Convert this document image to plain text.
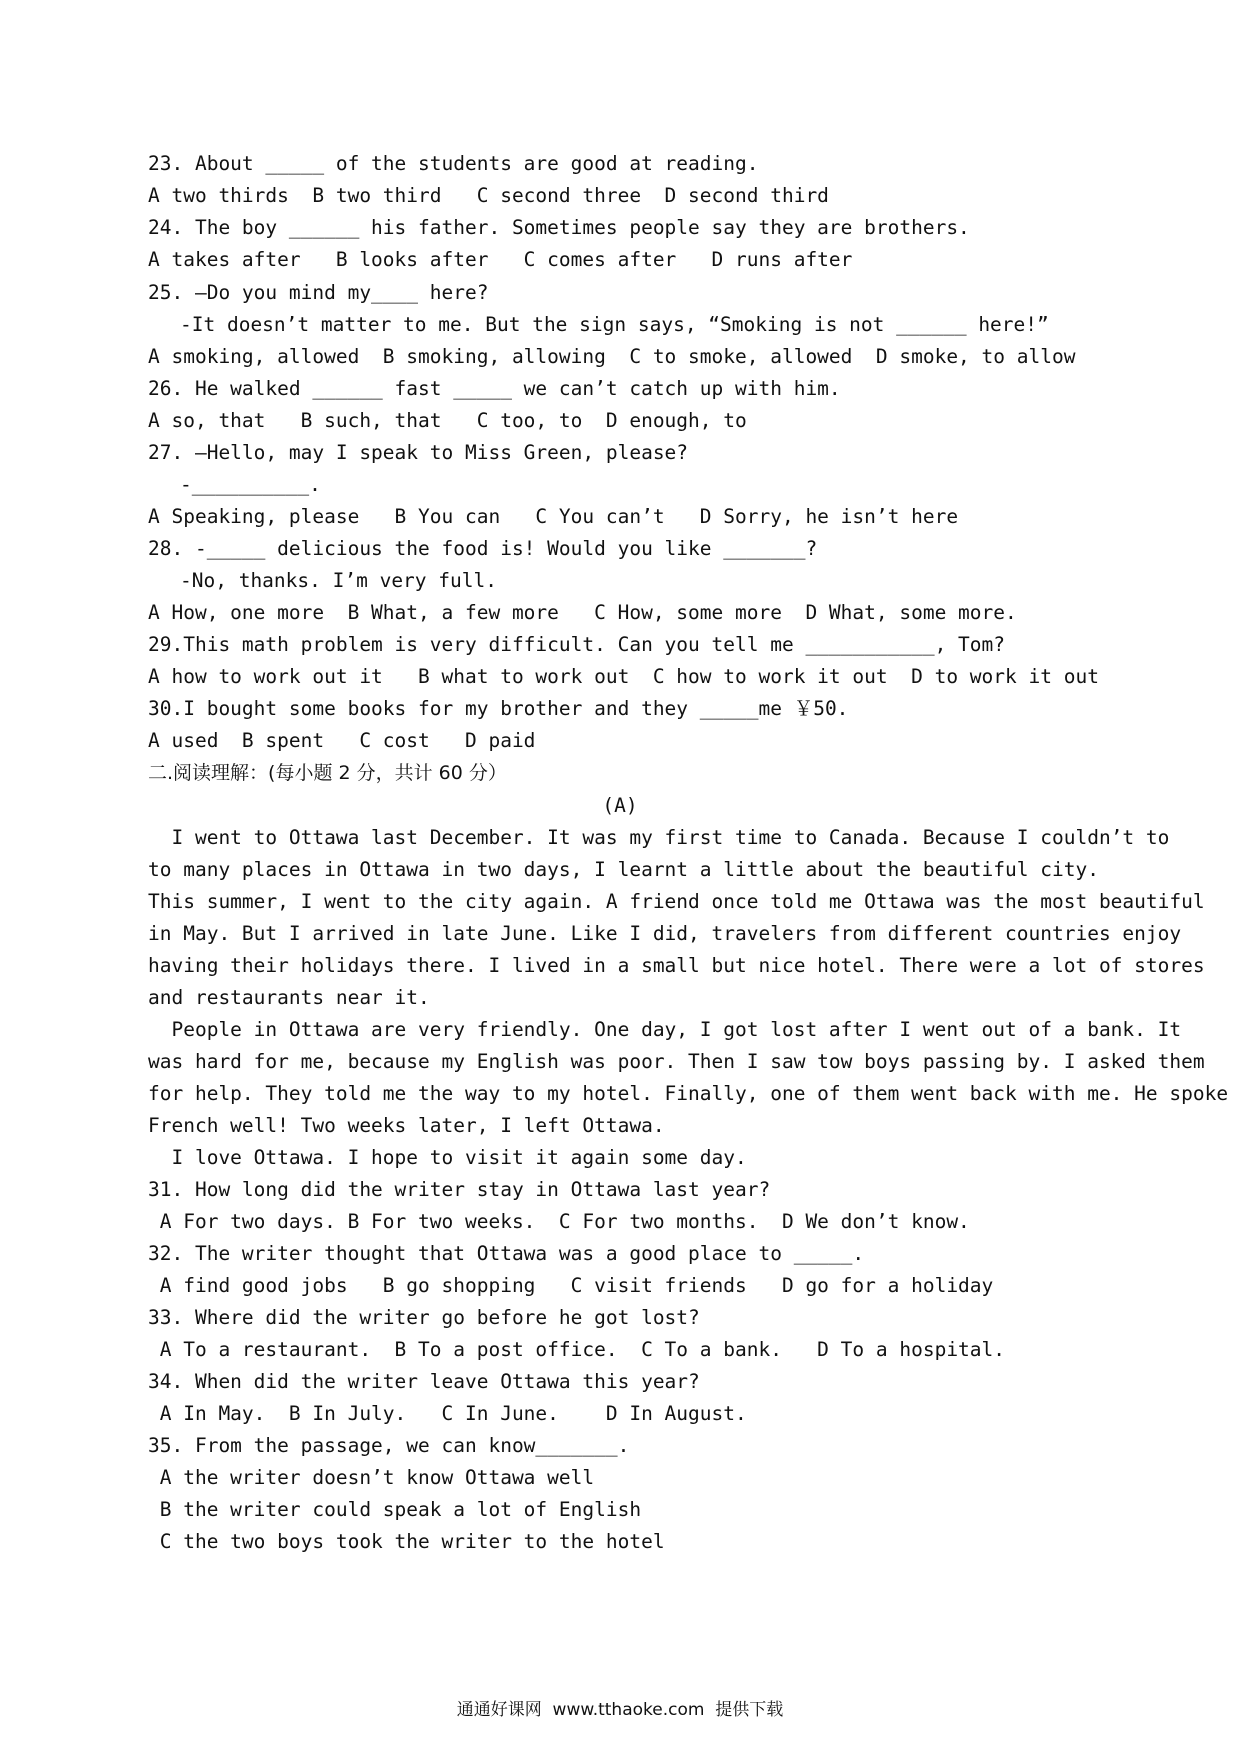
23. About _____ of the students are good at reading.
A two thirds  B two third   C second three  D second third
24. The boy ______ his father. Sometimes people say they are brothers.
A takes after   B looks after   C comes after   D runs after
25. –Do you mind my____ here?
-It doesn’t matter to me. But the sign says, “Smoking is not ______ here!”
A smoking, allowed  B smoking, allowing  C to smoke, allowed  D smoke, to allow
26. He walked ______ fast _____ we can’t catch up with him.
A so, that   B such, that   C too, to  D enough, to
27. –Hello, may I speak to Miss Green, please?
-__________.
A Speaking, please   B You can   C You can’t   D Sorry, he isn’t here
28. -_____ delicious the food is! Would you like _______?
-No, thanks. I’m very full.
A How, one more  B What, a few more   C How, some more  D What, some more.
29.This math problem is very difficult. Can you tell me ___________, Tom?
A how to work out it   B what to work out  C how to work it out  D to work it out
30.I bought some books for my brother and they _____me ￥50.
A used  B spent   C cost   D paid
二.阅读理解：(每小题 2 分，共计 60 分）
(A)
I went to Ottawa last December. It was my first time to Canada. Because I couldn’t to
to many places in Ottawa in two days, I learnt a little about the beautiful city.
This summer, I went to the city again. A friend once told me Ottawa was the most beautiful
in May. But I arrived in late June. Like I did, travelers from different countries enjoy
having their holidays there. I lived in a small but nice hotel. There were a lot of stores
and restaurants near it.
People in Ottawa are very friendly. One day, I got lost after I went out of a bank. It
was hard for me, because my English was poor. Then I saw tow boys passing by. I asked them
for help. They told me the way to my hotel. Finally, one of them went back with me. He spoke
French well! Two weeks later, I left Ottawa.
I love Ottawa. I hope to visit it again some day.
31. How long did the writer stay in Ottawa last year?
A For two days. B For two weeks.  C For two months.  D We don’t know.
32. The writer thought that Ottawa was a good place to _____.
A find good jobs   B go shopping   C visit friends   D go for a holiday
33. Where did the writer go before he got lost?
A To a restaurant.  B To a post office.  C To a bank.   D To a hospital.
34. When did the writer leave Ottawa this year?
A In May.  B In July.   C In June.    D In August.
35. From the passage, we can know_______.
A the writer doesn’t know Ottawa well
B the writer could speak a lot of English
C the two boys took the writer to the hotel
通通好课网  www.tthaoke.com  提供下载
